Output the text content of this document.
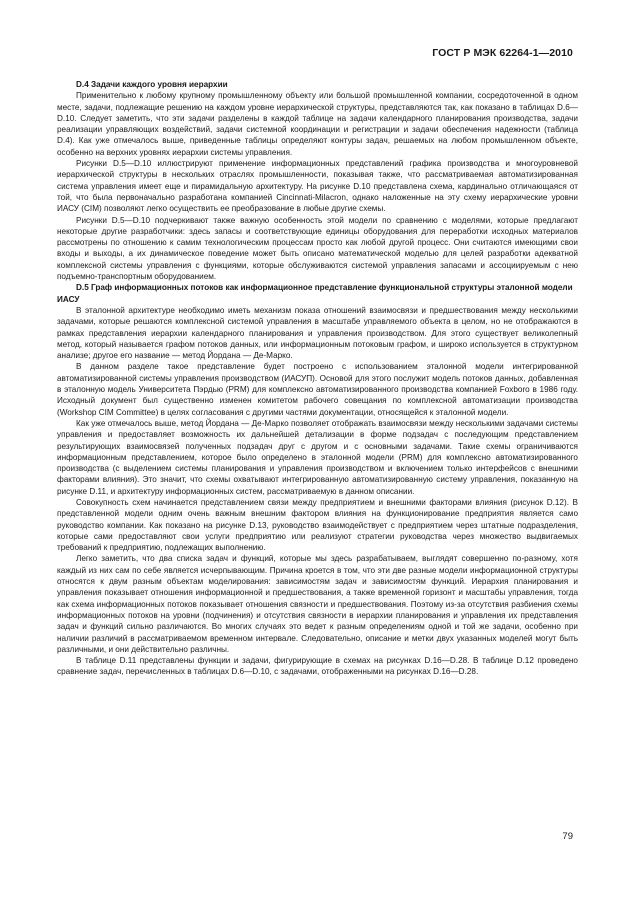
ГОСТ Р МЭК 62264-1—2010
D.4 Задачи каждого уровня иерархии

Применительно к любому крупному промышленному объекту или большой промышленной компании, сосредоточенной в одном месте, задачи, подлежащие решению на каждом уровне иерархической структуры, представляются так, как показано в таблицах D.6—D.10. Следует заметить, что эти задачи разделены в каждой таблице на задачи календарного планирования производства, задачи реализации управляющих воздействий, задачи системной координации и регистрации и задачи обеспечения надежности (таблица D.4). Как уже отмечалось выше, приведенные таблицы определяют контуры задач, решаемых на любом промышленном объекте, особенно на верхних уровнях иерархии системы управления.

Рисунки D.5—D.10 иллюстрируют применение информационных представлений графика производства и многоуровневой иерархической структуры в нескольких отраслях промышленности, показывая также, что рассматриваемая автоматизированная система управления имеет еще и пирамидальную архитектуру. На рисунке D.10 представлена схема, кардинально отличающаяся от той, что была первоначально разработана компанией Cincinnati-Milacron, однако наложенные на эту схему иерархические уровни ИАСУ (CIM) позволяют легко осуществить ее преобразование в любые другие схемы.

Рисунки D.5—D.10 подчеркивают также важную особенность этой модели по сравнению с моделями, которые предлагают некоторые другие разработчики: здесь запасы и соответствующие единицы оборудования для переработки исходных материалов рассмотрены по отношению к самим технологическим процессам просто как любой другой процесс. Они считаются имеющими свои входы и выходы, а их динамическое поведение может быть описано математической моделью для целей разработки адекватной комплексной системы управления с функциями, которые обслуживаются системой управления запасами и ассоциируемым с нею подъемно-транспортным оборудованием.

D.5 Граф информационных потоков как информационное представление функциональной структуры эталонной модели ИАСУ

В эталонной архитектуре необходимо иметь механизм показа отношений взаимосвязи и предшествования между несколькими задачами, которые решаются комплексной системой управления в масштабе управляемого объекта в целом, но не отображаются в рамках представления иерархии календарного планирования и управления производством. Для этого существует великолепный метод, который называется графом потоков данных, или информационным потоковым графом, и широко используется в структурном анализе; другое его название — метод Йордана — Де-Марко.

В данном разделе такое представление будет построено с использованием эталонной модели интегрированной автоматизированной системы управления производством (ИАСУП). Основой для этого послужит модель потоков данных, добавленная в эталонную модель Университета Пэрдью (PRM) для комплексно автоматизированного производства компанией Foxboro в 1986 году. Исходный документ был существенно изменен комитетом рабочего совещания по комплексной автоматизации производства (Workshop CIM Committee) в целях согласования с другими частями документации, относящейся к эталонной модели.

Как уже отмечалось выше, метод Йордана — Де-Марко позволяет отображать взаимосвязи между несколькими задачами системы управления и предоставляет возможность их дальнейшей детализации в форме подзадач с последующим представлением результирующих взаимосвязей полученных подзадач друг с другом и с основными задачами. Такие схемы ограничиваются информационным представлением, которое было определено в эталонной модели (PRM) для комплексно автоматизированного производства (с выделением системы планирования и управления производством и включением только интерфейсов с внешними факторами влияния). Это значит, что схемы охватывают интегрированную автоматизированную систему управления, показанную на рисунке D.11, и архитектуру информационных систем, рассматриваемую в данном описании.

Совокупность схем начинается представлением связи между предприятием и внешними факторами влияния (рисунок D.12). В представленной модели одним очень важным внешним фактором влияния на функционирование предприятия является само руководство компании. Как показано на рисунке D.13, руководство взаимодействует с предприятием через штатные подразделения, которые сами предоставляют свои услуги предприятию или реализуют стратегии руководства через множество выдвигаемых требований к предприятию, подлежащих выполнению.

Легко заметить, что два списка задач и функций, которые мы здесь разрабатываем, выглядят совершенно по-разному, хотя каждый из них сам по себе является исчерпывающим. Причина кроется в том, что эти две разные модели информационной структуры относятся к двум разным объектам моделирования: зависимостям задач и зависимостям функций. Иерархия планирования и управления показывает отношения информационной и предшествования, а также временной горизонт и масштабы управления, тогда как схема информационных потоков показывает отношения связности и предшествования. Поэтому из-за отсутствия разбиения схемы информационных потоков на уровни (подчинения) и отсутствия связности в иерархии планирования и управления их представления задач и функций сильно различаются. Во многих случаях это ведет к разным определениям одной и той же задачи, особенно при наличии различий в рассматриваемом временном интервале. Следовательно, описание и метки двух указанных моделей могут быть различными, и они действительно различны.

В таблице D.11 представлены функции и задачи, фигурирующие в схемах на рисунках D.16—D.28. В таблице D.12 проведено сравнение задач, перечисленных в таблицах D.6—D.10, с задачами, отображенными на рисунках D.16—D.28.

79
